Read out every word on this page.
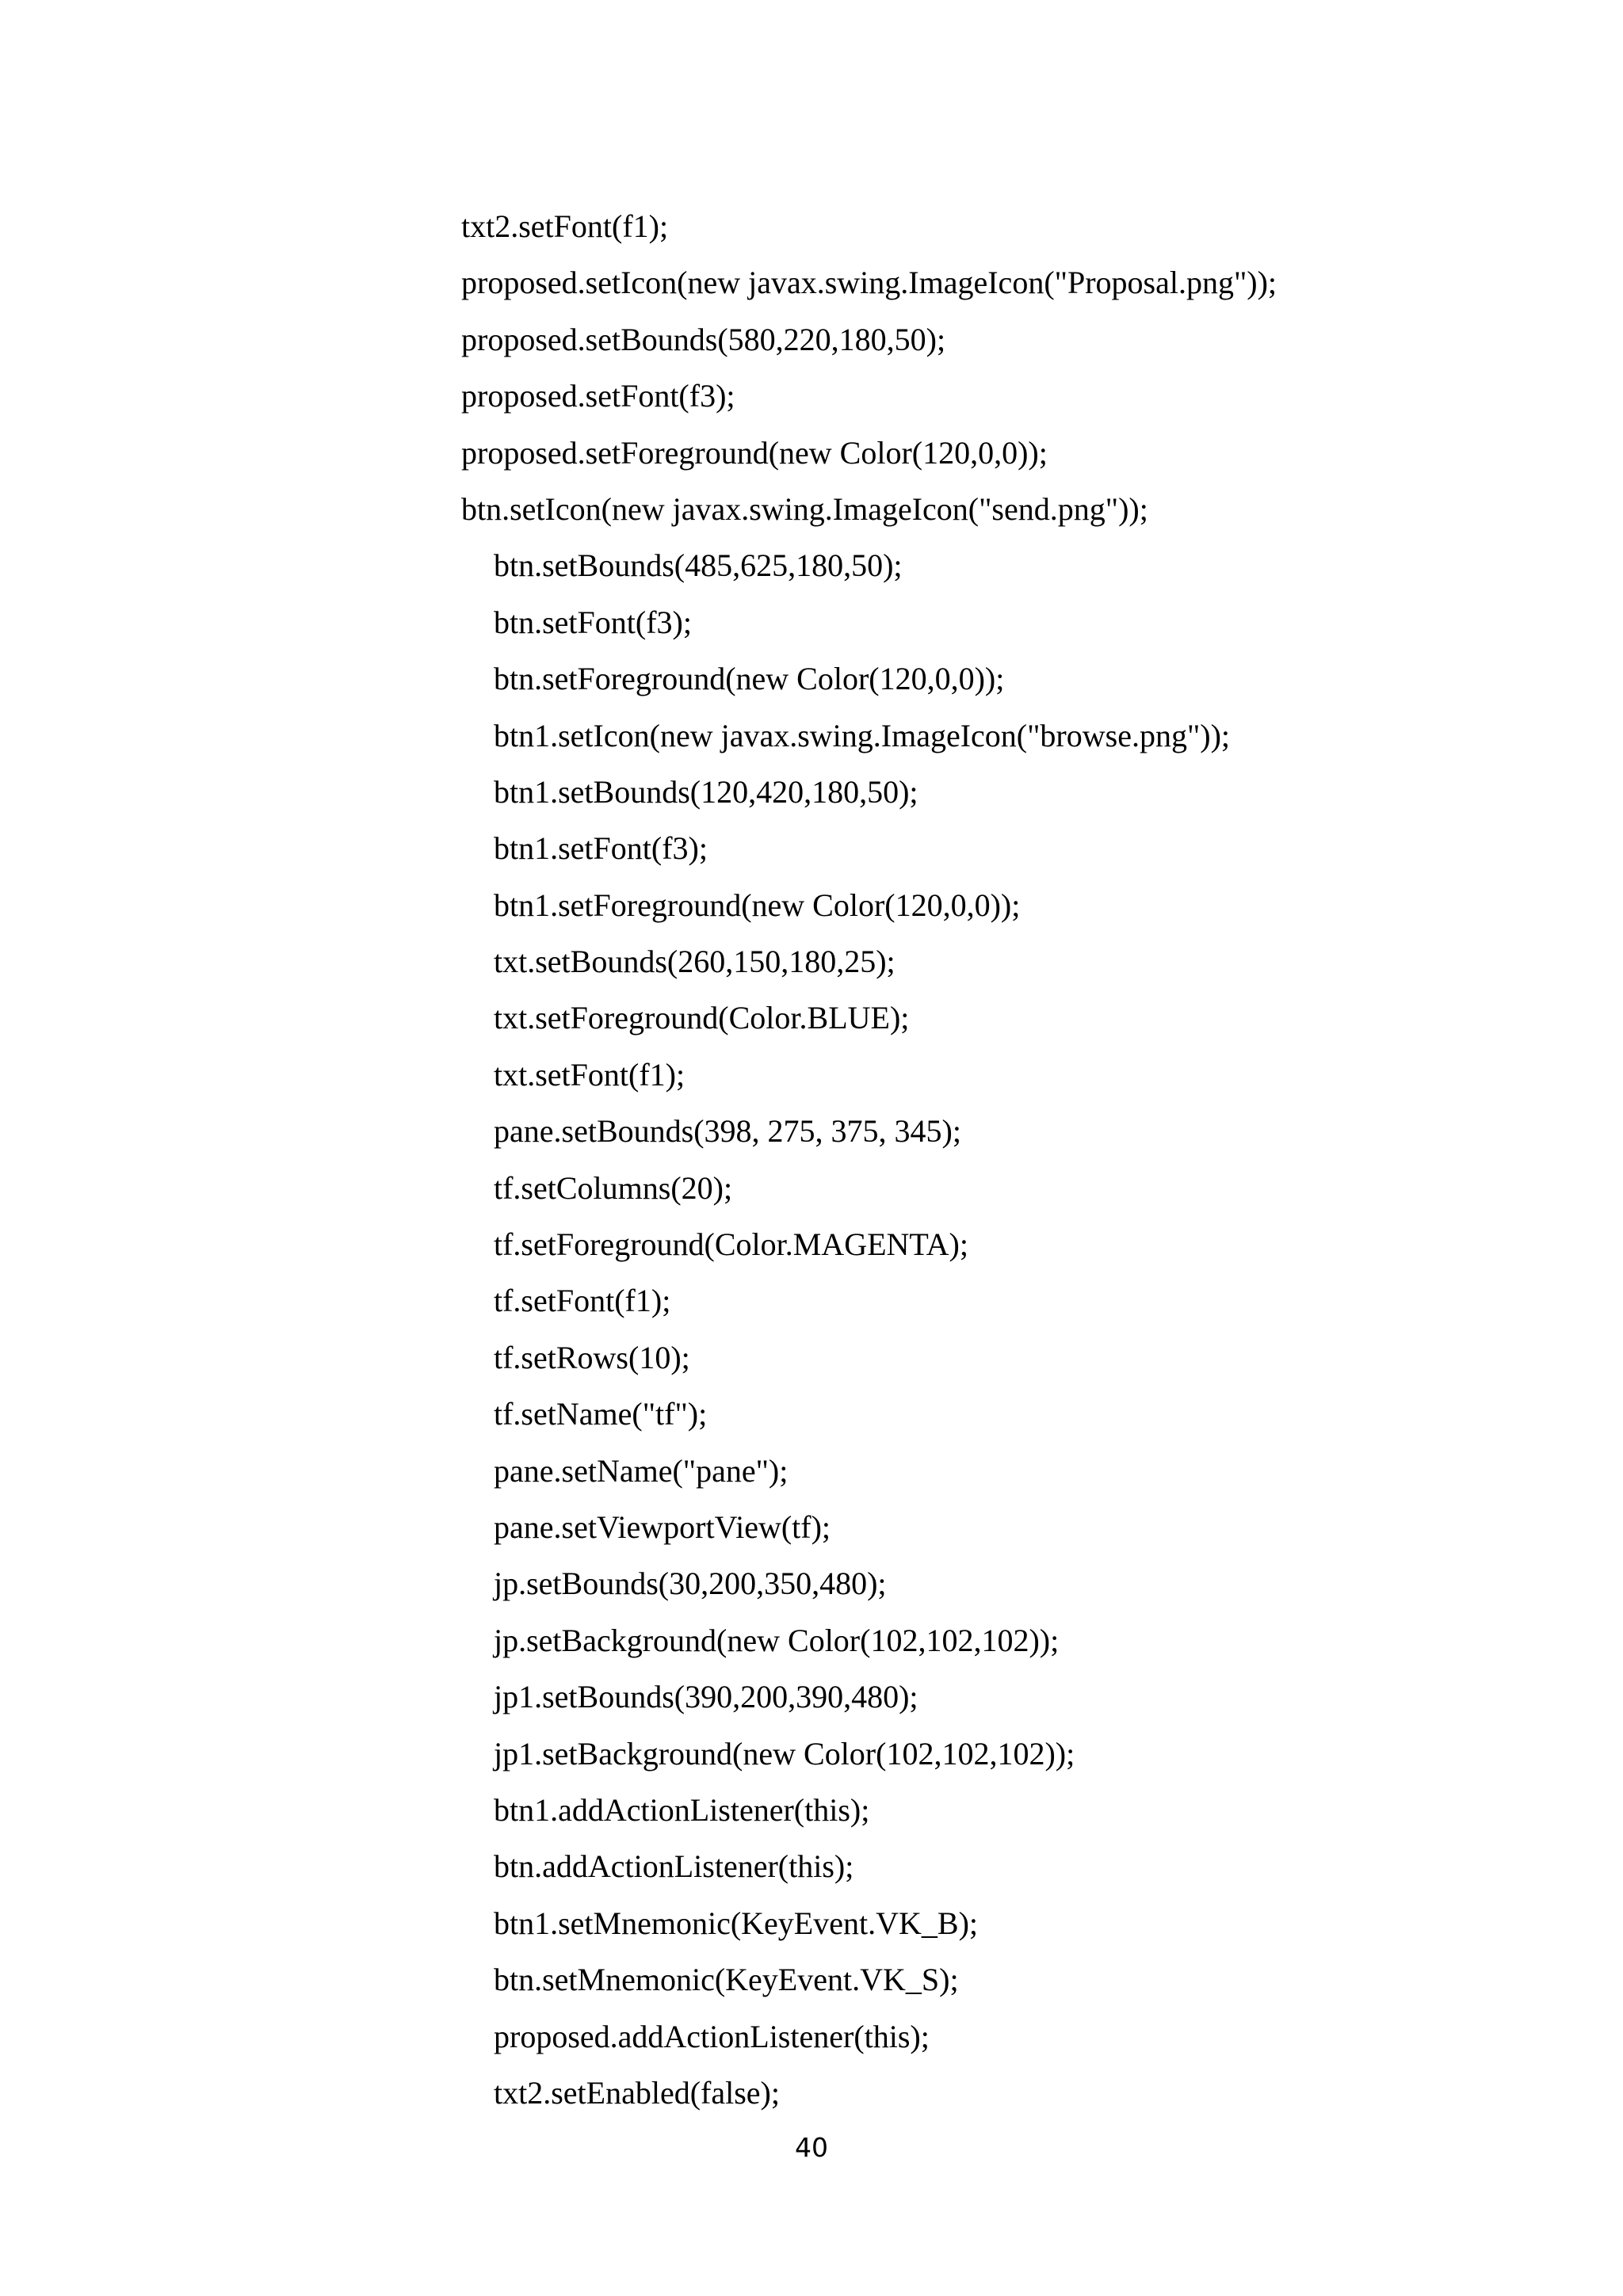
txt2.setFont(f1);
proposed.setIcon(new javax.swing.ImageIcon("Proposal.png"));
proposed.setBounds(580,220,180,50);
proposed.setFont(f3);
proposed.setForeground(new Color(120,0,0));
btn.setIcon(new javax.swing.ImageIcon("send.png"));
btn.setBounds(485,625,180,50);
btn.setFont(f3);
btn.setForeground(new Color(120,0,0));
btn1.setIcon(new javax.swing.ImageIcon("browse.png"));
btn1.setBounds(120,420,180,50);
btn1.setFont(f3);
btn1.setForeground(new Color(120,0,0));
txt.setBounds(260,150,180,25);
txt.setForeground(Color.BLUE);
txt.setFont(f1);
pane.setBounds(398, 275, 375, 345);
tf.setColumns(20);
tf.setForeground(Color.MAGENTA);
tf.setFont(f1);
tf.setRows(10);
tf.setName("tf");
pane.setName("pane");
pane.setViewportView(tf);
jp.setBounds(30,200,350,480);
jp.setBackground(new Color(102,102,102));
jp1.setBounds(390,200,390,480);
jp1.setBackground(new Color(102,102,102));
btn1.addActionListener(this);
btn.addActionListener(this);
btn1.setMnemonic(KeyEvent.VK_B);
btn.setMnemonic(KeyEvent.VK_S);
proposed.addActionListener(this);
txt2.setEnabled(false);
40
